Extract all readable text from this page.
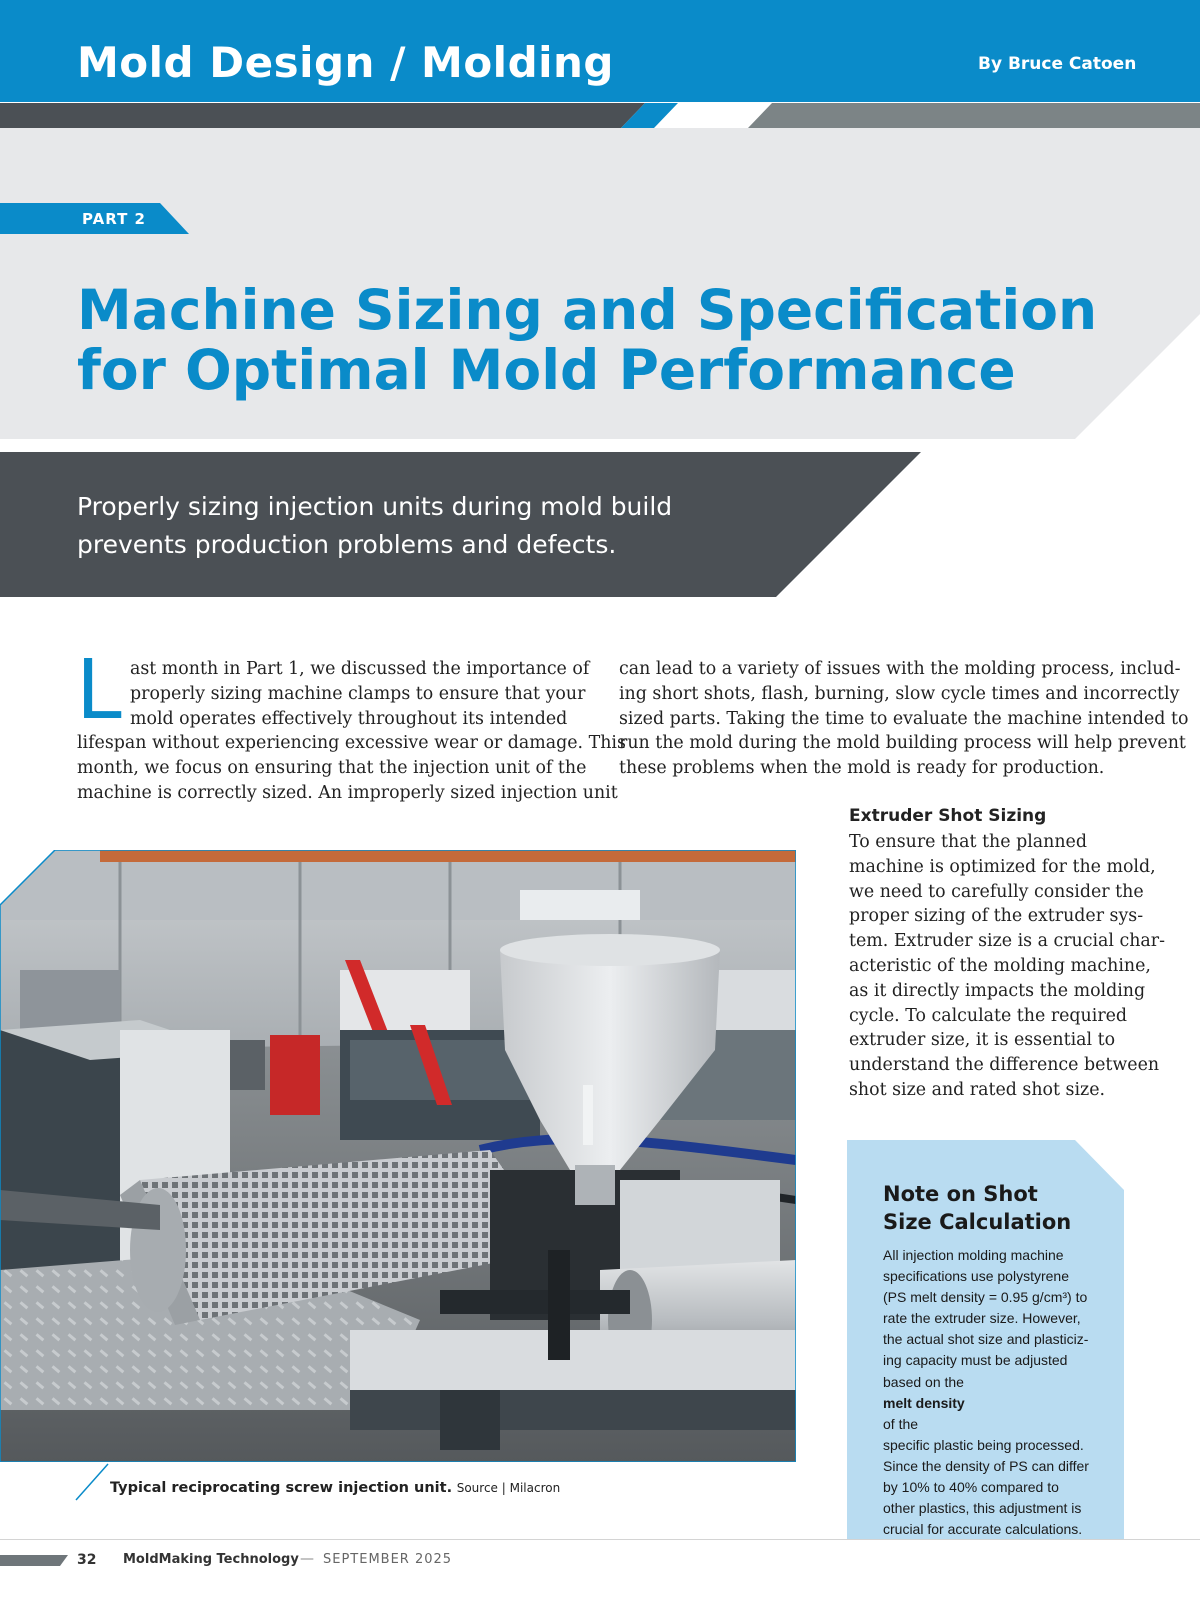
Mold Design / Molding	By Bruce Catoen
PART 2
Machine Sizing and Specification
for Optimal Mold Performance
Properly sizing injection units during mold build
prevents production problems and defects.
L ast month in Part 1, we discussed the importance of
properly sizing machine clamps to ensure that your
mold operates effectively throughout its intended
lifespan without experiencing excessive wear or damage. This
month, we focus on ensuring that the injection unit of the
machine is correctly sized. An improperly sized injection unit
can lead to a variety of issues with the molding process, includ-
ing short shots, flash, burning, slow cycle times and incorrectly
sized parts. Taking the time to evaluate the machine intended to
run the mold during the mold building process will help prevent
these problems when the mold is ready for production.
Extruder Shot Sizing
To ensure that the planned
machine is optimized for the mold,
we need to carefully consider the
proper sizing of the extruder sys-
tem. Extruder size is a crucial char-
acteristic of the molding machine,
as it directly impacts the molding
cycle. To calculate the required
extruder size, it is essential to
understand the difference between
shot size and rated shot size.
Typical reciprocating screw injection unit. Source | Milacron
Note on Shot
Size Calculation
All injection molding machine
specifications use polystyrene
(PS melt density = 0.95 g/cm³) to
rate the extruder size. However,
the actual shot size and plasticiz-
ing capacity must be adjusted
based on the
melt density
of the
specific plastic being processed.
Since the density of PS can differ
by 10% to 40% compared to
other plastics, this adjustment is
crucial for accurate calculations.
32 MoldMaking Technology — SEPTEMBER 2025
